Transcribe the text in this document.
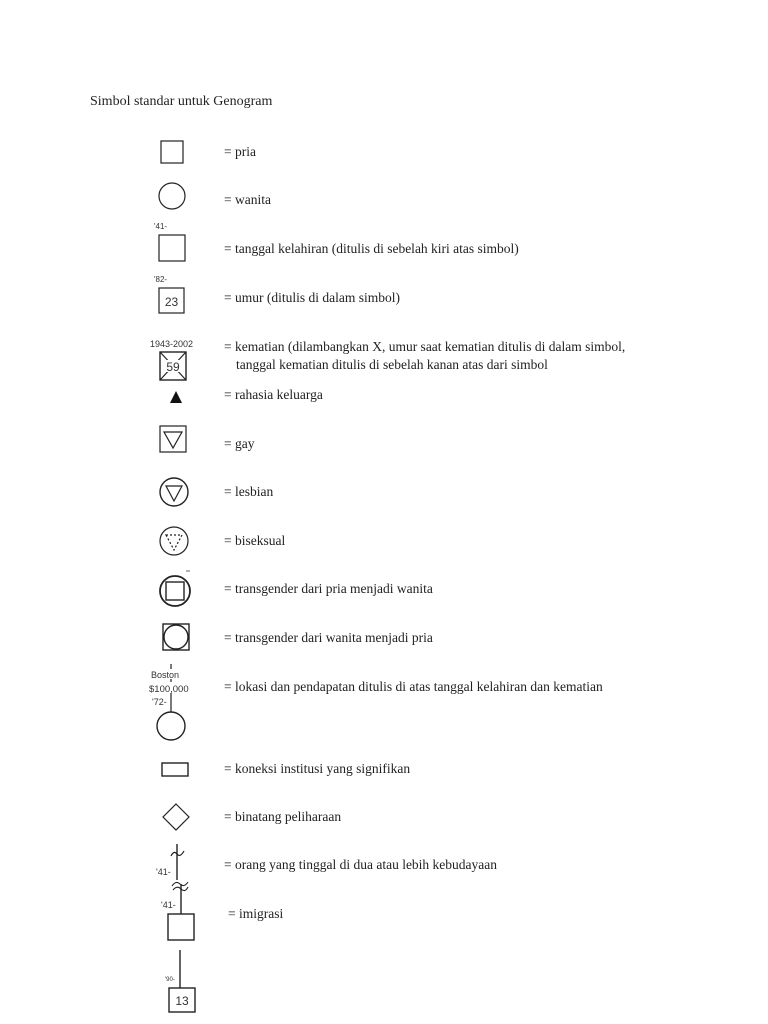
Simbol standar untuk Genogram
= pria
= wanita
'41-
= tanggal kelahiran (ditulis di sebelah kiri atas simbol)
'82-
23	= umur (ditulis di dalam simbol)
1943-2002
59
= kematian (dilambangkan X, umur saat kematian ditulis di dalam simbol,
tanggal kematian ditulis di sebelah kanan atas dari simbol
= rahasia keluarga
= gay
= lesbian
= biseksual
= transgender dari pria menjadi wanita
= transgender dari wanita menjadi pria
Boston
$100,000
'72-
= lokasi dan pendapatan ditulis di atas tanggal kelahiran dan kematian
= koneksi institusi yang signifikan
= binatang peliharaan
'41-	= orang yang tinggal di dua atau lebih kebudayaan
'41-
= imigrasi
'90-
13
